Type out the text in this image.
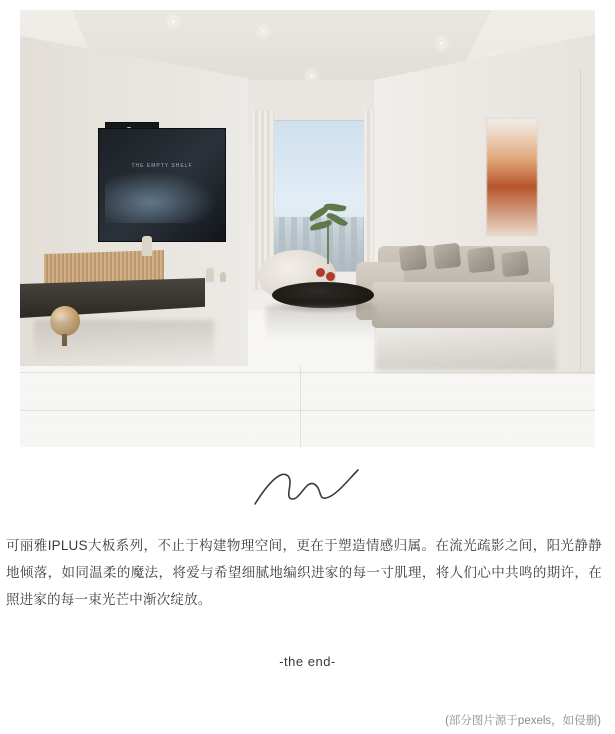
THE EMPTY SHELF
可丽雅IPLUS大板系列，不止于构建物理空间，更在于塑造情感归属。在流光疏影之间，阳光静静地倾落，如同温柔的魔法，将爱与希望细腻地编织进家的每一寸肌理，将人们心中共鸣的期许，在照进家的每一束光芒中渐次绽放。
-the end-
(部分图片源于pexels，如侵删)
